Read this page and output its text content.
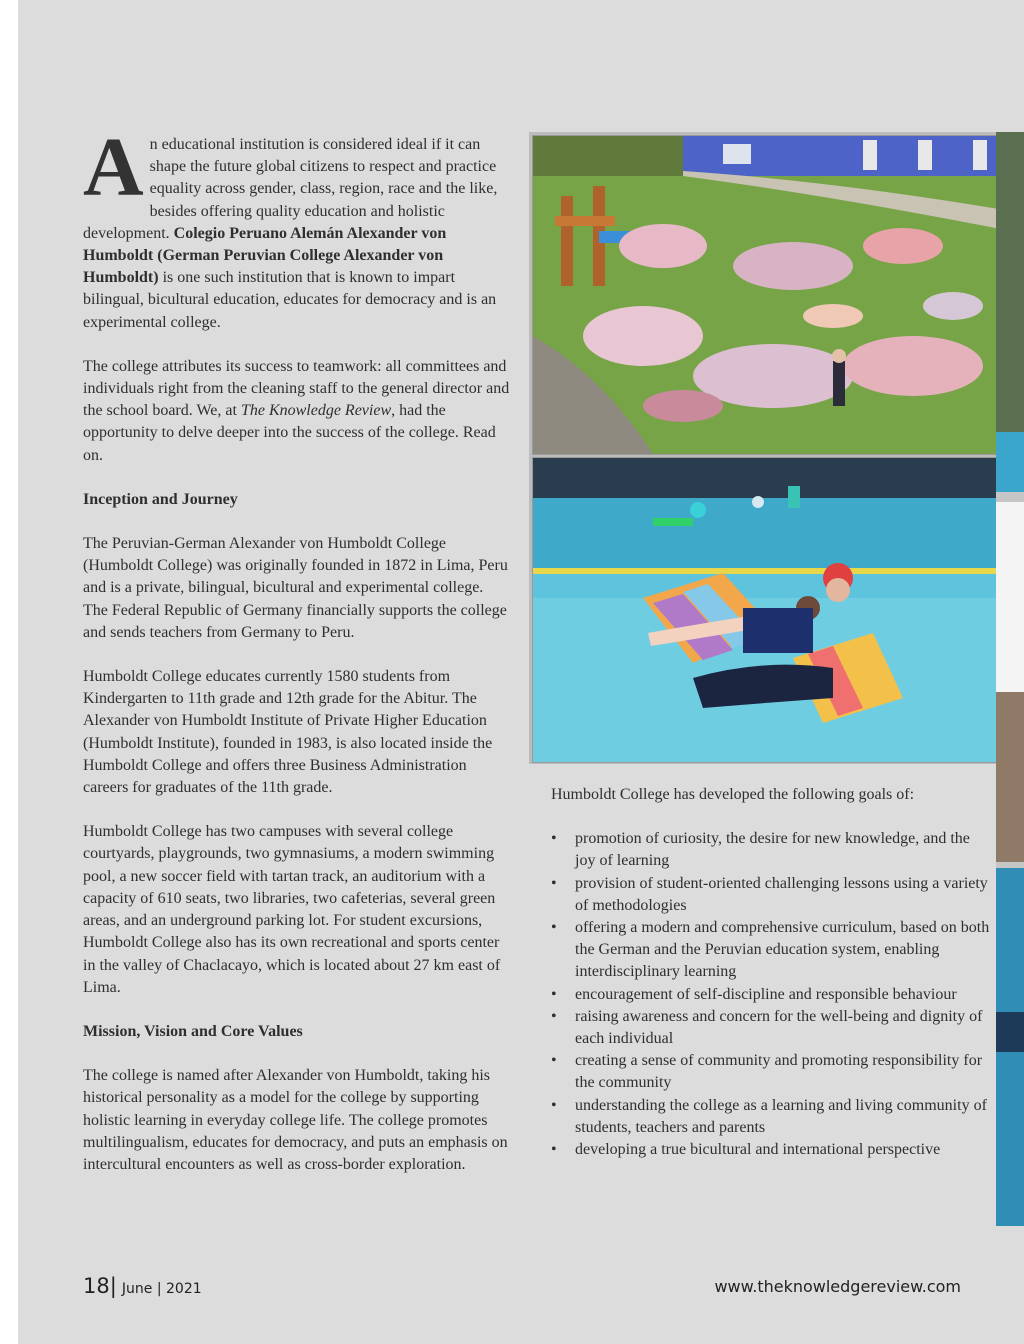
An educational institution is considered ideal if it can shape the future global citizens to respect and practice equality across gender, class, region, race and the like, besides offering quality education and holistic development. Colegio Peruano Alemán Alexander von Humboldt (German Peruvian College Alexander von Humboldt) is one such institution that is known to impart bilingual, bicultural education, educates for democracy and is an experimental college.

The college attributes its success to teamwork: all committees and individuals right from the cleaning staff to the general director and the school board. We, at The Knowledge Review, had the opportunity to delve deeper into the success of the college. Read on.

Inception and Journey

The Peruvian-German Alexander von Humboldt College (Humboldt College) was originally founded in 1872 in Lima, Peru and is a private, bilingual, bicultural and experimental college. The Federal Republic of Germany financially supports the college and sends teachers from Germany to Peru.

Humboldt College educates currently 1580 students from Kindergarten to 11th grade and 12th grade for the Abitur. The Alexander von Humboldt Institute of Private Higher Education (Humboldt Institute), founded in 1983, is also located inside the Humboldt College and offers three Business Administration careers for graduates of the 11th grade.

Humboldt College has two campuses with several college courtyards, playgrounds, two gymnasiums, a modern swimming pool, a new soccer field with tartan track, an auditorium with a capacity of 610 seats, two libraries, two cafeterias, several green areas, and an underground parking lot. For student excursions, Humboldt College also has its own recreational and sports center in the valley of Chaclacayo, which is located about 27 km east of Lima.

Mission, Vision and Core Values

The college is named after Alexander von Humboldt, taking his historical personality as a model for the college by supporting holistic learning in everyday college life. The college promotes multilingualism, educates for democracy, and puts an emphasis on intercultural encounters as well as cross-border exploration.

Humboldt College has developed the following goals of:

• promotion of curiosity, the desire for new knowledge, and the joy of learning
• provision of student-oriented challenging lessons using a variety of methodologies
• offering a modern and comprehensive curriculum, based on both the German and the Peruvian education system, enabling interdisciplinary learning
• encouragement of self-discipline and responsible behaviour
• raising awareness and concern for the well-being and dignity of each individual
• creating a sense of community and promoting responsibility for the community
• understanding the college as a learning and living community of students, teachers and parents
• developing a true bicultural and international perspective
18| June | 2021	www.theknowledgereview.com
